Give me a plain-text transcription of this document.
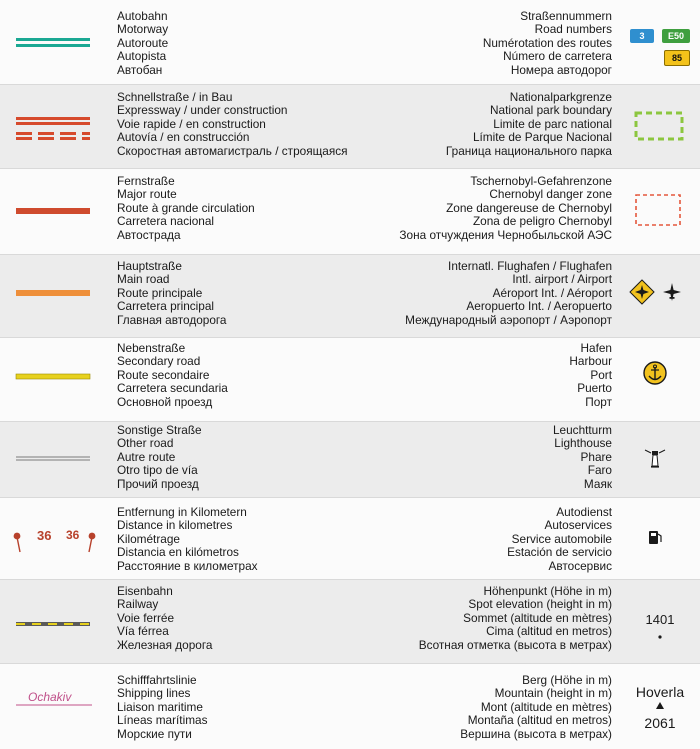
Autobahn
Motorway
Autoroute
Autopista
Автобан
Straßennummern
Road numbers
Numérotation des routes
Número de carretera
Номера автодорог
3	E50
85
Schnellstraße / in Bau
Expressway / under construction
Voie rapide / en construction
Autovía / en construcción
Скоростная автомагистраль / строящаяся
Nationalparkgrenze
National park boundary
Limite de parc national
Límite de Parque Nacional
Граница национального парка
Fernstraße
Major route
Route à grande circulation
Carretera nacional
Автострада
Tschernobyl-Gefahrenzone
Chernobyl danger zone
Zone dangereuse de Chernobyl
Zona de peligro Chernobyl
Зона отчуждения Чернобыльской АЭС
Hauptstraße
Main road
Route principale
Carretera principal
Главная автодорога
Internatl. Flughafen / Flughafen
Intl. airport / Airport
Aéroport Int. / Aéroport
Aeropuerto Int. / Aeropuerto
Международный аэропорт / Аэропорт
Nebenstraße
Secondary road
Route secondaire
Carretera secundaria
Основной проезд
Hafen
Harbour
Port
Puerto
Порт
Sonstige Straße
Other road
Autre route
Otro tipo de vía
Прочий проезд
Leuchtturm
Lighthouse
Phare
Faro
Маяк
36 36
Entfernung in Kilometern
Distance in kilometres
Kilométrage
Distancia en kilómetros
Расстояние в километрах
Autodienst
Autoservices
Service automobile
Estación de servicio
Автосервис
Eisenbahn
Railway
Voie ferrée
Vía férrea
Железная дорога
Höhenpunkt (Höhe in m)
Spot elevation (height in m)
Sommet (altitude en mètres)
Cima (altitud en metros)
Всотная отметка (высота в метрах)
1401
Ochakiv
Schifffahrtslinie
Shipping lines
Liaison maritime
Líneas marítimas
Морские пути
Berg (Höhe in m)
Mountain (height in m)
Mont (altitude en mètres)
Montaña (altitud en metros)
Вершина (высота в метрах)
Hoverla
2061
